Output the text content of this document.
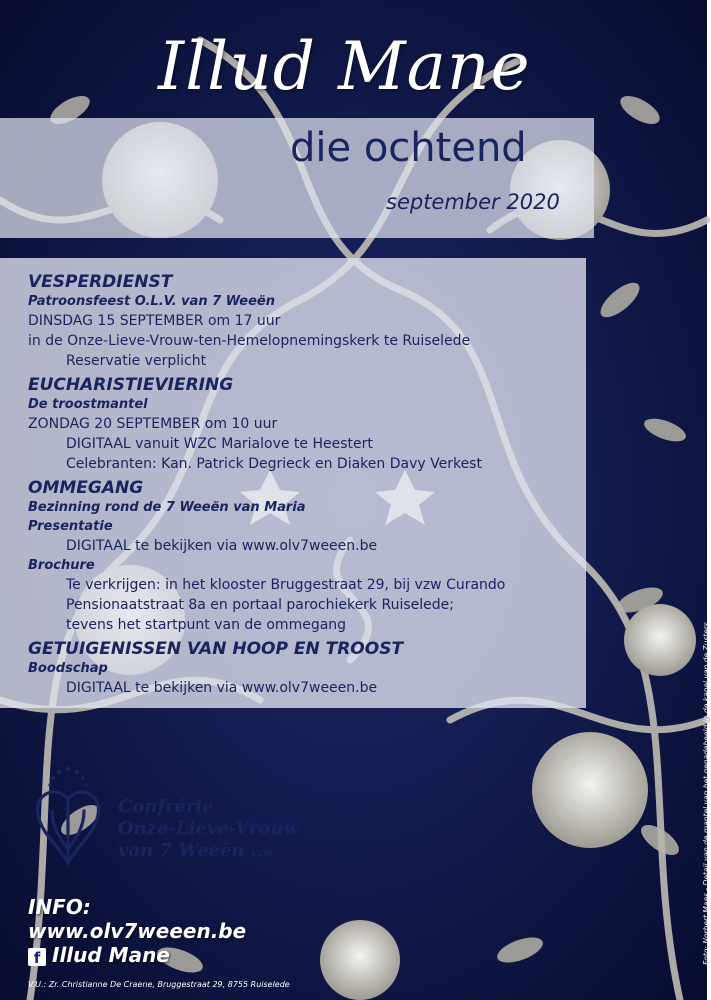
Illud Mane
die ochtend
september 2020
VESPERDIENST
Patroonsfeest O.L.V. van 7 Weeën
DINSDAG 15 SEPTEMBER om 17 uur
in de Onze-Lieve-Vrouw-ten-Hemelopnemingskerk te Ruiselede
Reservatie verplicht
EUCHARISTIEVIERING
De troostmantel
ZONDAG 20 SEPTEMBER om 10 uur
DIGITAAL vanuit WZC Marialove te Heestert
Celebranten: Kan. Patrick Degrieck en Diaken Davy Verkest
OMMEGANG
Bezinning rond de 7 Weeën van Maria
Presentatie
DIGITAAL te bekijken via www.olv7weeen.be
Brochure
Te verkrijgen: in het klooster Bruggestraat 29, bij vzw Curando
Pensionaatstraat 8a en portaal parochiekerk Ruiselede;
tevens het startpunt van de ommegang
GETUIGENISSEN VAN HOOP EN TROOST
Boodschap
DIGITAAL te bekijken via www.olv7weeen.be
Confrérie
Onze-Lieve-Vrouw
van 7 Weeën vzw
INFO:
www.olv7weeen.be
f Illud Mane	Foto: Norbert Maes - Detail van de mantel van het genadebeeld in de kapel van de Zusters
V.U.: Zr. Christianne De Craene, Bruggestraat 29, 8755 Ruiselede
